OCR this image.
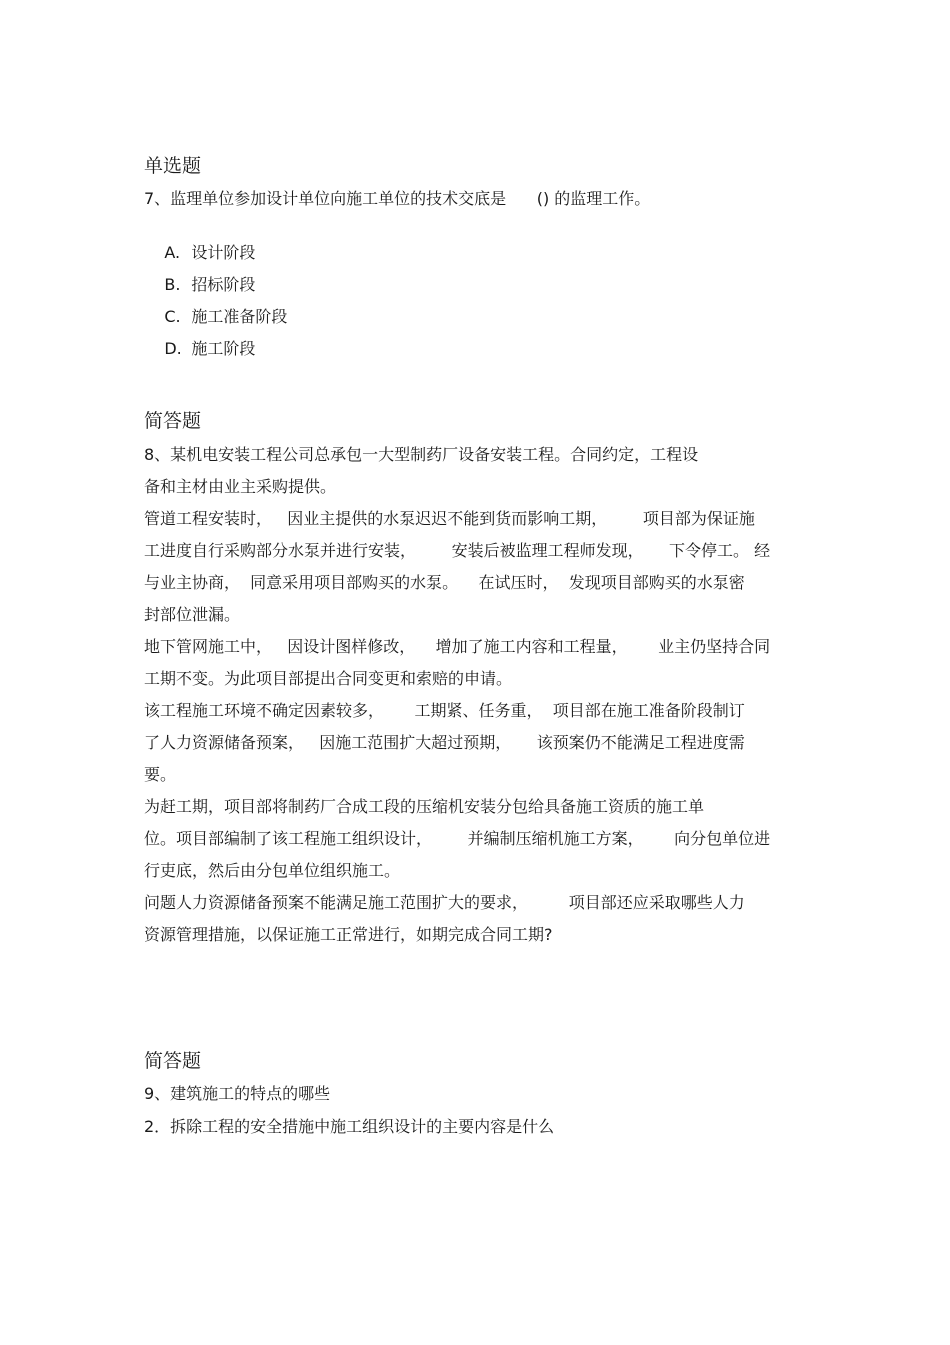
单选题
7、监理单位参加设计单位向施工单位的技术交底是      () 的监理工作。

A. 设计阶段

B. 招标阶段

C. 施工准备阶段

D. 施工阶段

简答题
8、某机电安装工程公司总承包一大型制药厂设备安装工程。合同约定，工程设
备和主材由业主采购提供。
管道工程安装时，   因业主提供的水泵迟迟不能到货而影响工期，       项目部为保证施
工进度自行采购部分水泵并进行安装，       安装后被监理工程师发现，     下令停工。 经
与业主协商，  同意采用项目部购买的水泵。    在试压时，  发现项目部购买的水泵密
封部位泄漏。
地下管网施工中，   因设计图样修改，    增加了施工内容和工程量，      业主仍坚持合同
工期不变。为此项目部提出合同变更和索赔的申请。
该工程施工环境不确定因素较多，      工期紧、任务重，  项目部在施工准备阶段制订
了人力资源储备预案，   因施工范围扩大超过预期，     该预案仍不能满足工程进度需
要。
为赶工期，项目部将制药厂合成工段的压缩机安装分包给具备施工资质的施工单
位。项目部编制了该工程施工组织设计，       并编制压缩机施工方案，      向分包单位进
行吏底，然后由分包单位组织施工。
问题人力资源储备预案不能满足施工范围扩大的要求，        项目部还应采取哪些人力
资源管理措施，以保证施工正常进行，如期完成合同工期?
简答题
9、建筑施工的特点的哪些
2．拆除工程的安全措施中施工组织设计的主要内容是什么
